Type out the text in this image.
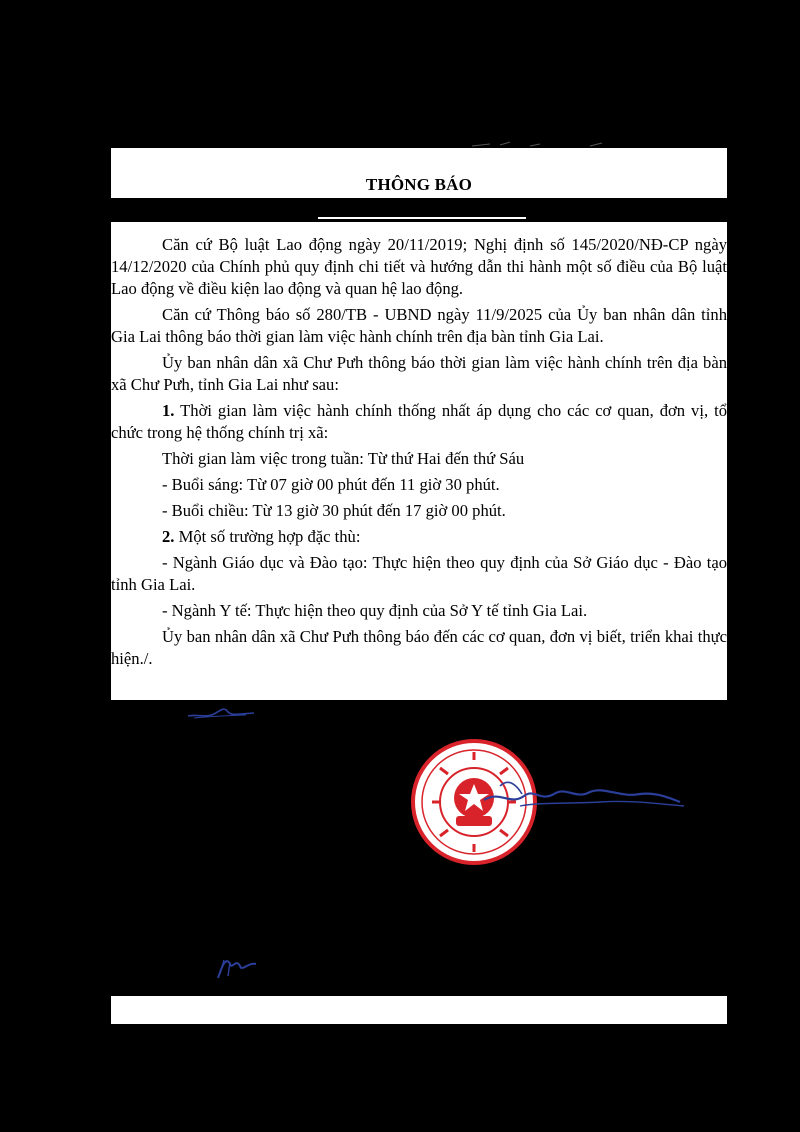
THÔNG BÁO

Căn cứ Bộ luật Lao động ngày 20/11/2019; Nghị định số 145/2020/NĐ-CP ngày 14/12/2020 của Chính phủ quy định chi tiết và hướng dẫn thi hành một số điều của Bộ luật Lao động về điều kiện lao động và quan hệ lao động.

Căn cứ Thông báo số 280/TB - UBND ngày 11/9/2025 của Ủy ban nhân dân tỉnh Gia Lai thông báo thời gian làm việc hành chính trên địa bàn tỉnh Gia Lai.

Ủy ban nhân dân xã Chư Pưh thông báo thời gian làm việc hành chính trên địa bàn xã Chư Pưh, tỉnh Gia Lai như sau:

1. Thời gian làm việc hành chính thống nhất áp dụng cho các cơ quan, đơn vị, tổ chức trong hệ thống chính trị xã:

Thời gian làm việc trong tuần: Từ thứ Hai đến thứ Sáu

- Buổi sáng: Từ 07 giờ 00 phút đến 11 giờ 30 phút.

- Buổi chiều: Từ 13 giờ 30 phút đến 17 giờ 00 phút.

2. Một số trường hợp đặc thù:

- Ngành Giáo dục và Đào tạo: Thực hiện theo quy định của Sở Giáo dục - Đào tạo tỉnh Gia Lai.

- Ngành Y tế: Thực hiện theo quy định của Sở Y tế tỉnh Gia Lai.

Ủy ban nhân dân xã Chư Pưh thông báo đến các cơ quan, đơn vị biết, triển khai thực hiện./.
